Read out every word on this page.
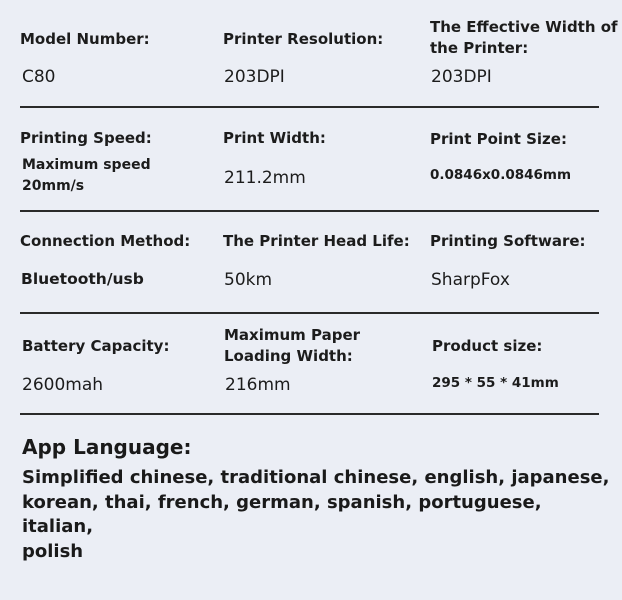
Model Number:
C80
Printer Resolution:
203DPI
The Effective Width of
the Printer:
203DPI
Printing Speed:
Maximum speed
20mm/s
Print Width:
211.2mm
Print Point Size:
0.0846x0.0846mm
Connection Method:
Bluetooth/usb
The Printer Head Life:
50km
Printing Software:
SharpFox
Battery Capacity:
2600mah
Maximum Paper
Loading Width:
216mm
Product size:
295 * 55 * 41mm
App Language:
Simplified chinese, traditional chinese, english, japanese,
korean, thai, french, german, spanish, portuguese, italian,
polish
